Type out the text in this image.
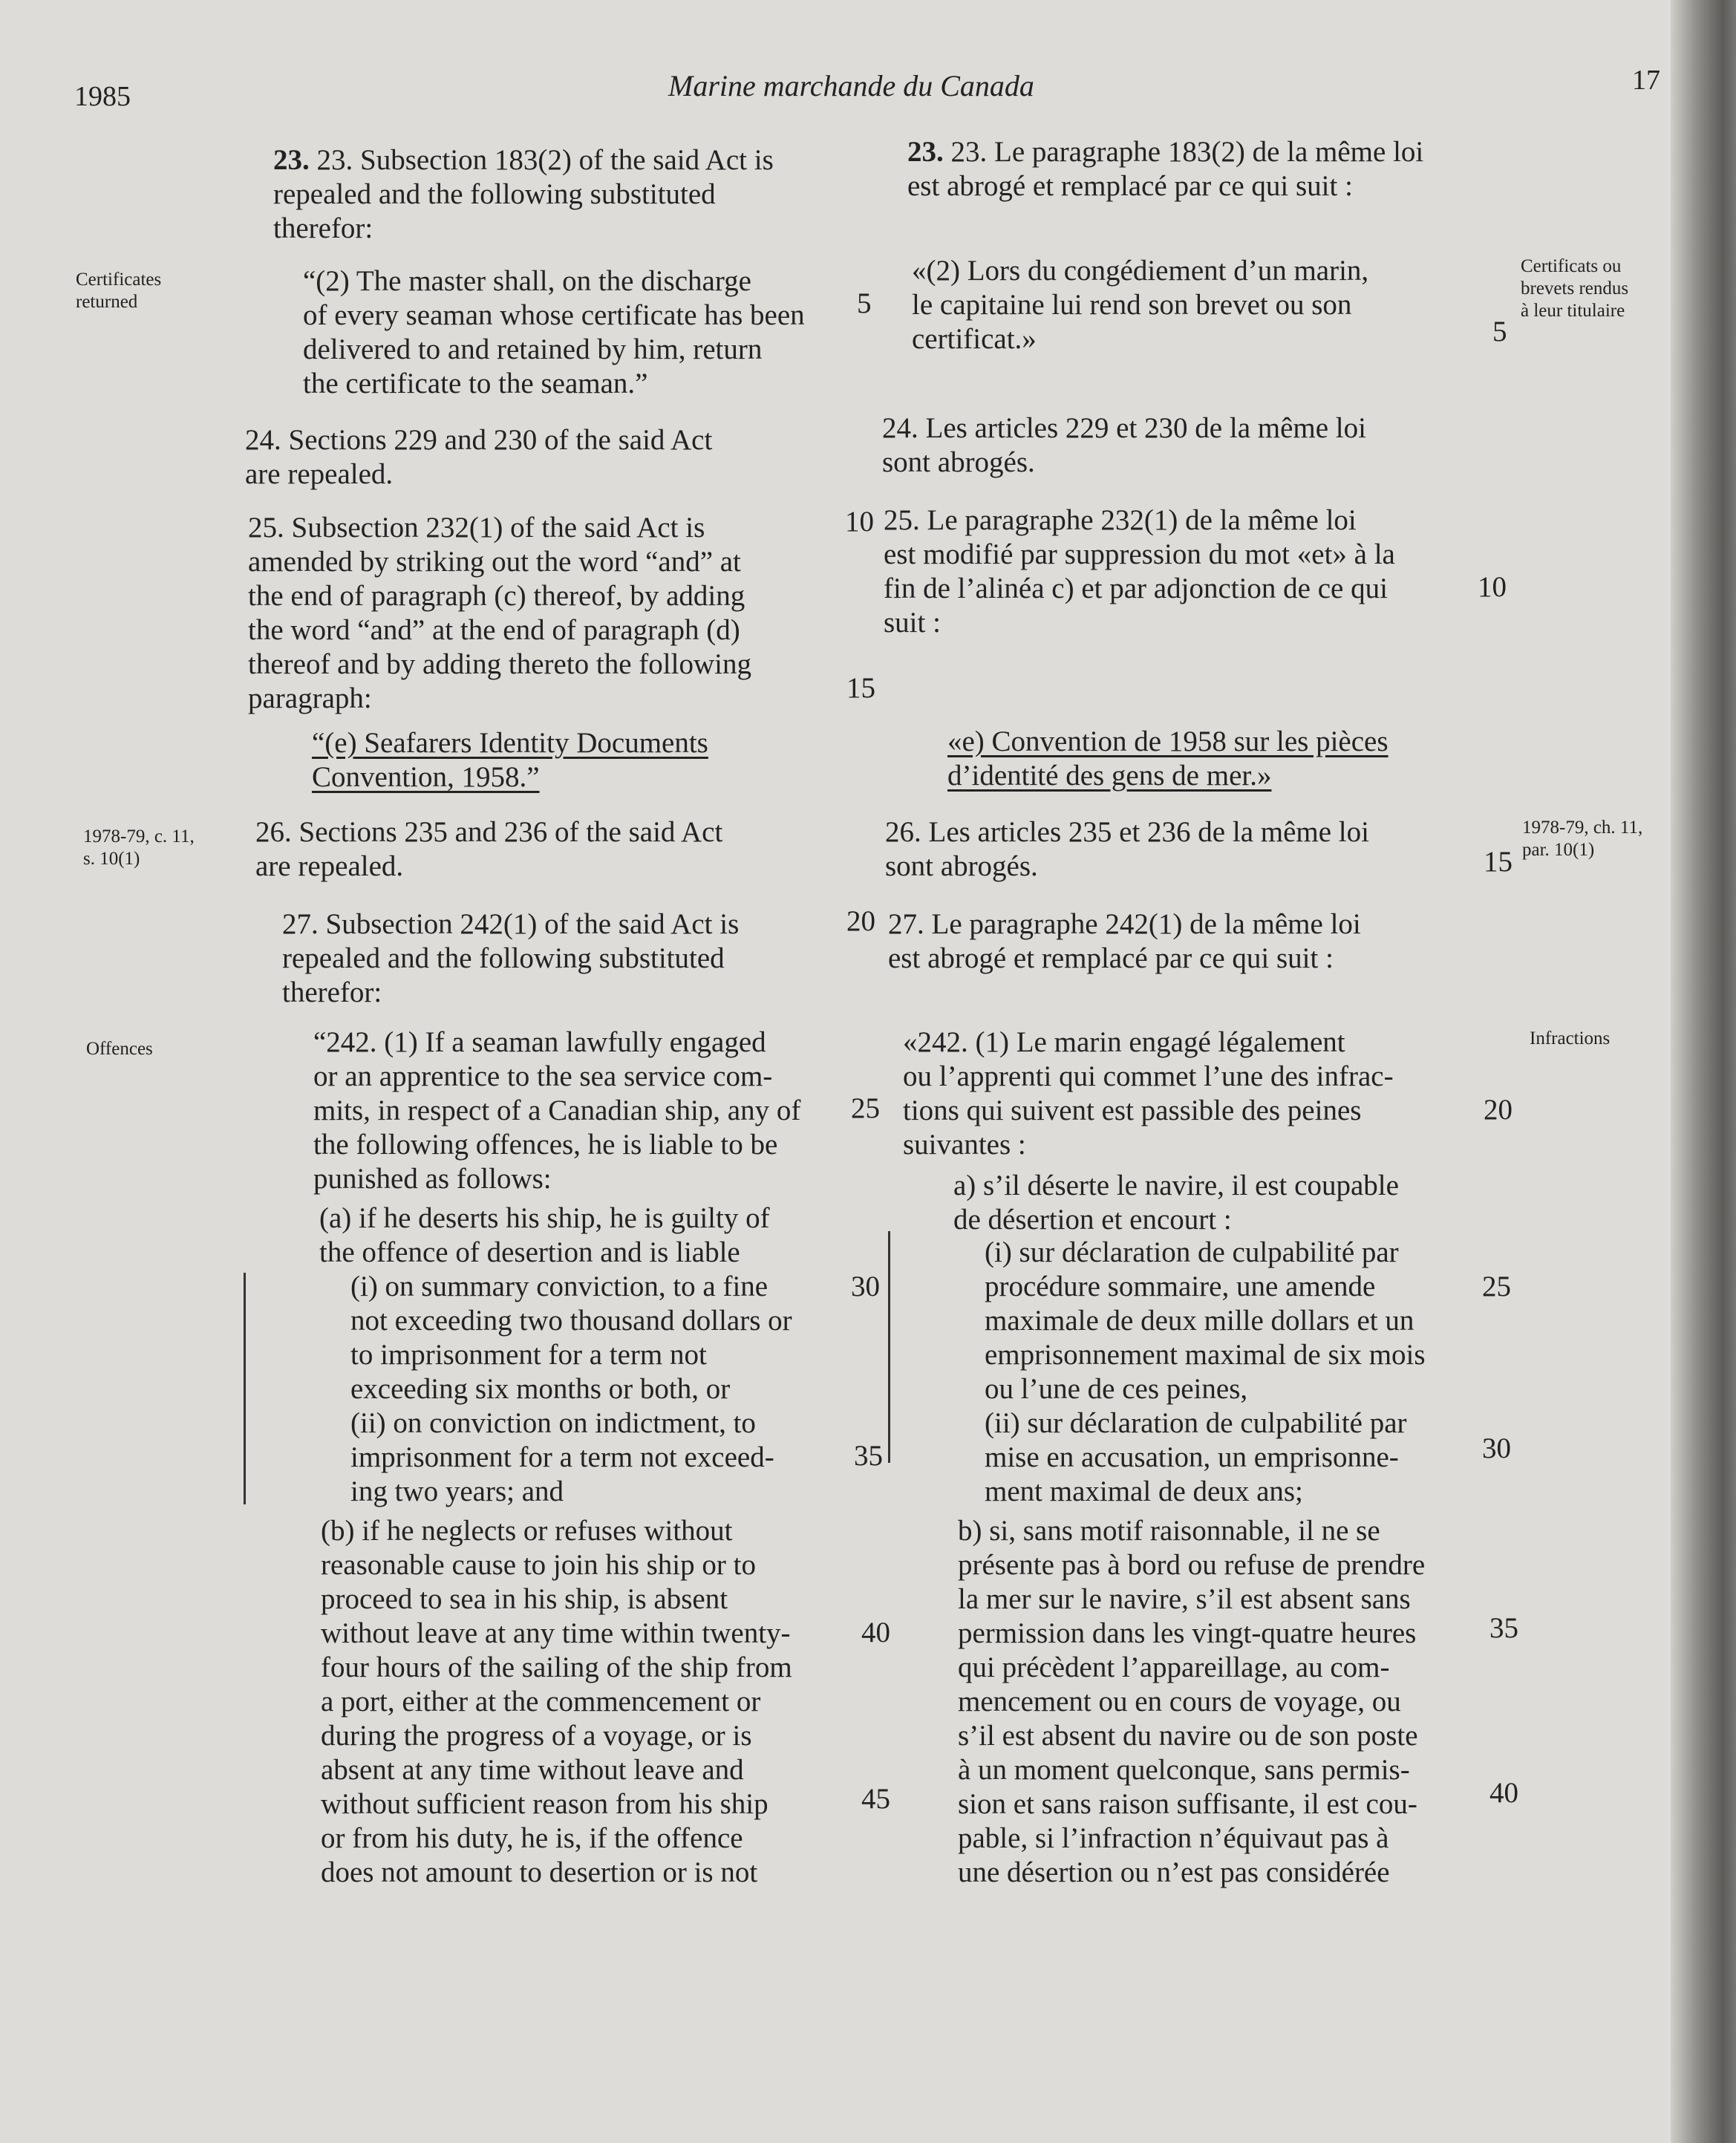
1985	Marine marchande du Canada	17
Certificates
returned
1978-79, c. 11,
s. 10(1)
Offences
Certificats ou
brevets rendus
à leur titulaire
1978-79, ch. 11,
par. 10(1)
Infractions
23. 23. Subsection 183(2) of the said Act is
repealed and the following substituted
therefor:
“(2) The master shall, on the discharge
of every seaman whose certificate has been
delivered to and retained by him, return
the certificate to the seaman.”
24. Sections 229 and 230 of the said Act
are repealed.
25. Subsection 232(1) of the said Act is
amended by striking out the word “and” at
the end of paragraph (c) thereof, by adding
the word “and” at the end of paragraph (d)
thereof and by adding thereto the following
paragraph:
“(e) Seafarers Identity Documents
Convention, 1958.”
26. Sections 235 and 236 of the said Act
are repealed.
27. Subsection 242(1) of the said Act is
repealed and the following substituted
therefor:
“242. (1) If a seaman lawfully engaged
or an apprentice to the sea service com-
mits, in respect of a Canadian ship, any of
the following offences, he is liable to be
punished as follows:
(a) if he deserts his ship, he is guilty of
the offence of desertion and is liable
(i) on summary conviction, to a fine
not exceeding two thousand dollars or
to imprisonment for a term not
exceeding six months or both, or
(ii) on conviction on indictment, to
imprisonment for a term not exceed-
ing two years; and
(b) if he neglects or refuses without
reasonable cause to join his ship or to
proceed to sea in his ship, is absent
without leave at any time within twenty-
four hours of the sailing of the ship from
a port, either at the commencement or
during the progress of a voyage, or is
absent at any time without leave and
without sufficient reason from his ship
or from his duty, he is, if the offence
does not amount to desertion or is not
5
10
15
20
25
30
35
40
45
23. 23. Le paragraphe 183(2) de la même loi
est abrogé et remplacé par ce qui suit :
«(2) Lors du congédiement d’un marin,
le capitaine lui rend son brevet ou son
certificat.»
24. Les articles 229 et 230 de la même loi
sont abrogés.
25. Le paragraphe 232(1) de la même loi
est modifié par suppression du mot «et» à la
fin de l’alinéa c) et par adjonction de ce qui
suit :
«e) Convention de 1958 sur les pièces
d’identité des gens de mer.»
26. Les articles 235 et 236 de la même loi
sont abrogés.
27. Le paragraphe 242(1) de la même loi
est abrogé et remplacé par ce qui suit :
«242. (1) Le marin engagé légalement
ou l’apprenti qui commet l’une des infrac-
tions qui suivent est passible des peines
suivantes :
a) s’il déserte le navire, il est coupable
de désertion et encourt :
(i) sur déclaration de culpabilité par
procédure sommaire, une amende
maximale de deux mille dollars et un
emprisonnement maximal de six mois
ou l’une de ces peines,
(ii) sur déclaration de culpabilité par
mise en accusation, un emprisonne-
ment maximal de deux ans;
b) si, sans motif raisonnable, il ne se
présente pas à bord ou refuse de prendre
la mer sur le navire, s’il est absent sans
permission dans les vingt-quatre heures
qui précèdent l’appareillage, au com-
mencement ou en cours de voyage, ou
s’il est absent du navire ou de son poste
à un moment quelconque, sans permis-
sion et sans raison suffisante, il est cou-
pable, si l’infraction n’équivaut pas à
une désertion ou n’est pas considérée
5
10
15
20
25
30
35
40
